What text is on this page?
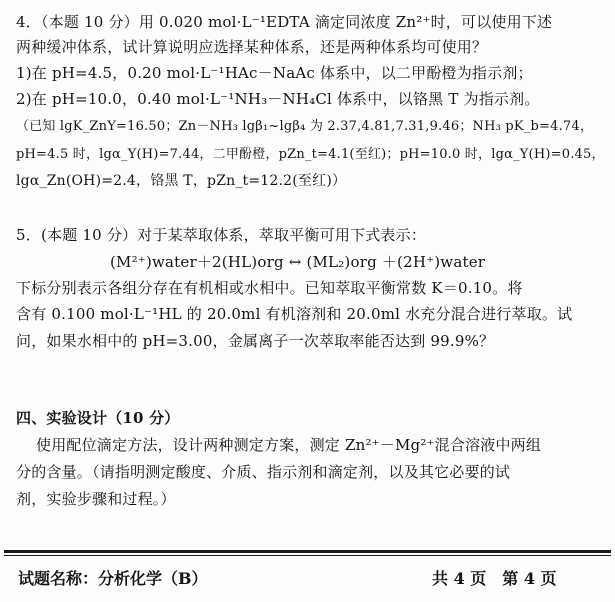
4．（本题 10 分）用 0.020 mol·L⁻¹EDTA 滴定同浓度 Zn²⁺时，可以使用下述
两种缓冲体系，试计算说明应选择某种体系，还是两种体系均可使用？
1)在 pH=4.5，0.20 mol·L⁻¹HAc－NaAc 体系中，以二甲酚橙为指示剂；
2)在 pH=10.0，0.40 mol·L⁻¹NH₃－NH₄Cl 体系中，以铬黑 T 为指示剂。
（已知 lgK_ZnY=16.50；Zn－NH₃ lgβ₁~lgβ₄ 为 2.37,4.81,7.31,9.46；NH₃ pK_b=4.74，
pH=4.5 时，lgα_Y(H)=7.44，二甲酚橙，pZn_t=4.1(至红)；pH=10.0 时，lgα_Y(H)=0.45，
lgα_Zn(OH)=2.4，铬黑 T，pZn_t=12.2(至红)）
5．(本题 10 分）对于某萃取体系，萃取平衡可用下式表示：
(M²⁺)water＋2(HL)org ↔ (ML₂)org ＋(2H⁺)water
下标分别表示各组分存在有机相或水相中。已知萃取平衡常数 K＝0.10。将
含有 0.100 mol·L⁻¹HL 的 20.0ml 有机溶剂和 20.0ml 水充分混合进行萃取。试
问，如果水相中的 pH=3.00，金属离子一次萃取率能否达到 99.9%？
四、实验设计（10 分）
使用配位滴定方法，设计两种测定方案，测定 Zn²⁺－Mg²⁺混合溶液中两组
分的含量。（请指明测定酸度、介质、指示剂和滴定剂，以及其它必要的试
剂，实验步骤和过程。）
试题名称：分析化学（B）	共 4 页　第 4 页
